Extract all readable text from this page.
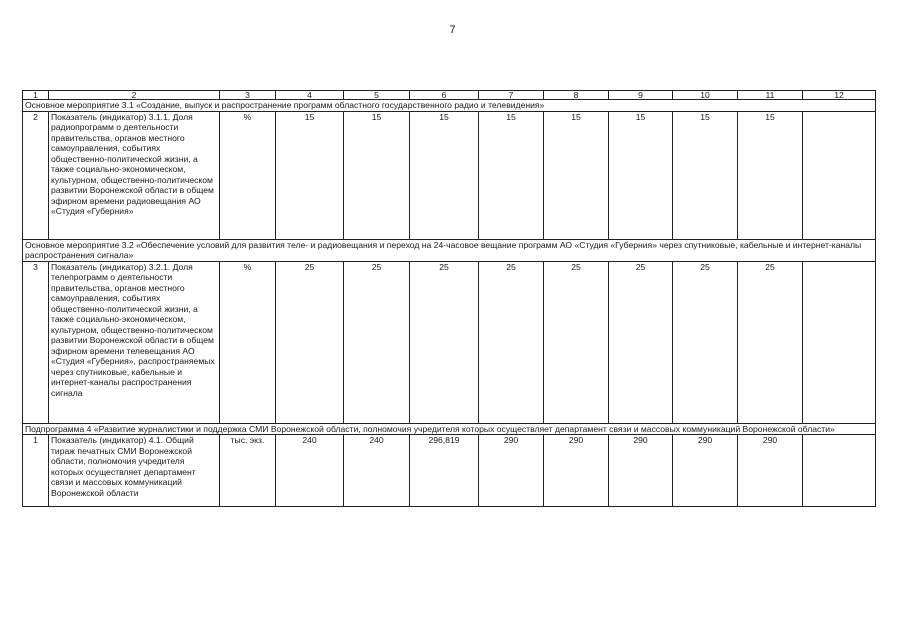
7
1	2	3	4	5	6	7	8	9	10	11	12
Основное мероприятие 3.1 «Создание, выпуск и распространение программ областного государственного радио и телевидения»											
2	Показатель (индикатор) 3.1.1. Доля радиопрограмм о деятельности правительства, органов местного самоуправления, событиях общественно-политической жизни, а также социально-экономическом, культурном, общественно-политическом развитии Воронежской области в общем эфирном времени радиовещания АО «Студия «Губерния»	%	15	15	15	15	15	15	15	15	
Основное мероприятие 3.2 «Обеспечение условий для развития теле- и радиовещания и переход на 24-часовое вещание программ АО «Студия «Губерния» через спутниковые, кабельные и интернет-каналы распространения сигнала»											
3	Показатель (индикатор) 3.2.1. Доля телепрограмм о деятельности правительства, органов местного самоуправления, событиях общественно-политической жизни, а также социально-экономическом, культурном, общественно-политическом развитии Воронежской области в общем эфирном времени телевещания АО «Студия «Губерния», распространяемых через спутниковые, кабельные и интернет-каналы распространения сигнала	%	25	25	25	25	25	25	25	25	
Подпрограмма 4 «Развитие журналистики и поддержка СМИ Воронежской области, полномочия учредителя которых осуществляет департамент связи и массовых коммуникаций Воронежской области»											
1	Показатель (индикатор) 4.1. Общий тираж печатных СМИ Воронежской области, полномочия учредителя которых осуществляет департамент связи и массовых коммуникаций Воронежской области	тыс. экз.	240	240	296,819	290	290	290	290	290	
